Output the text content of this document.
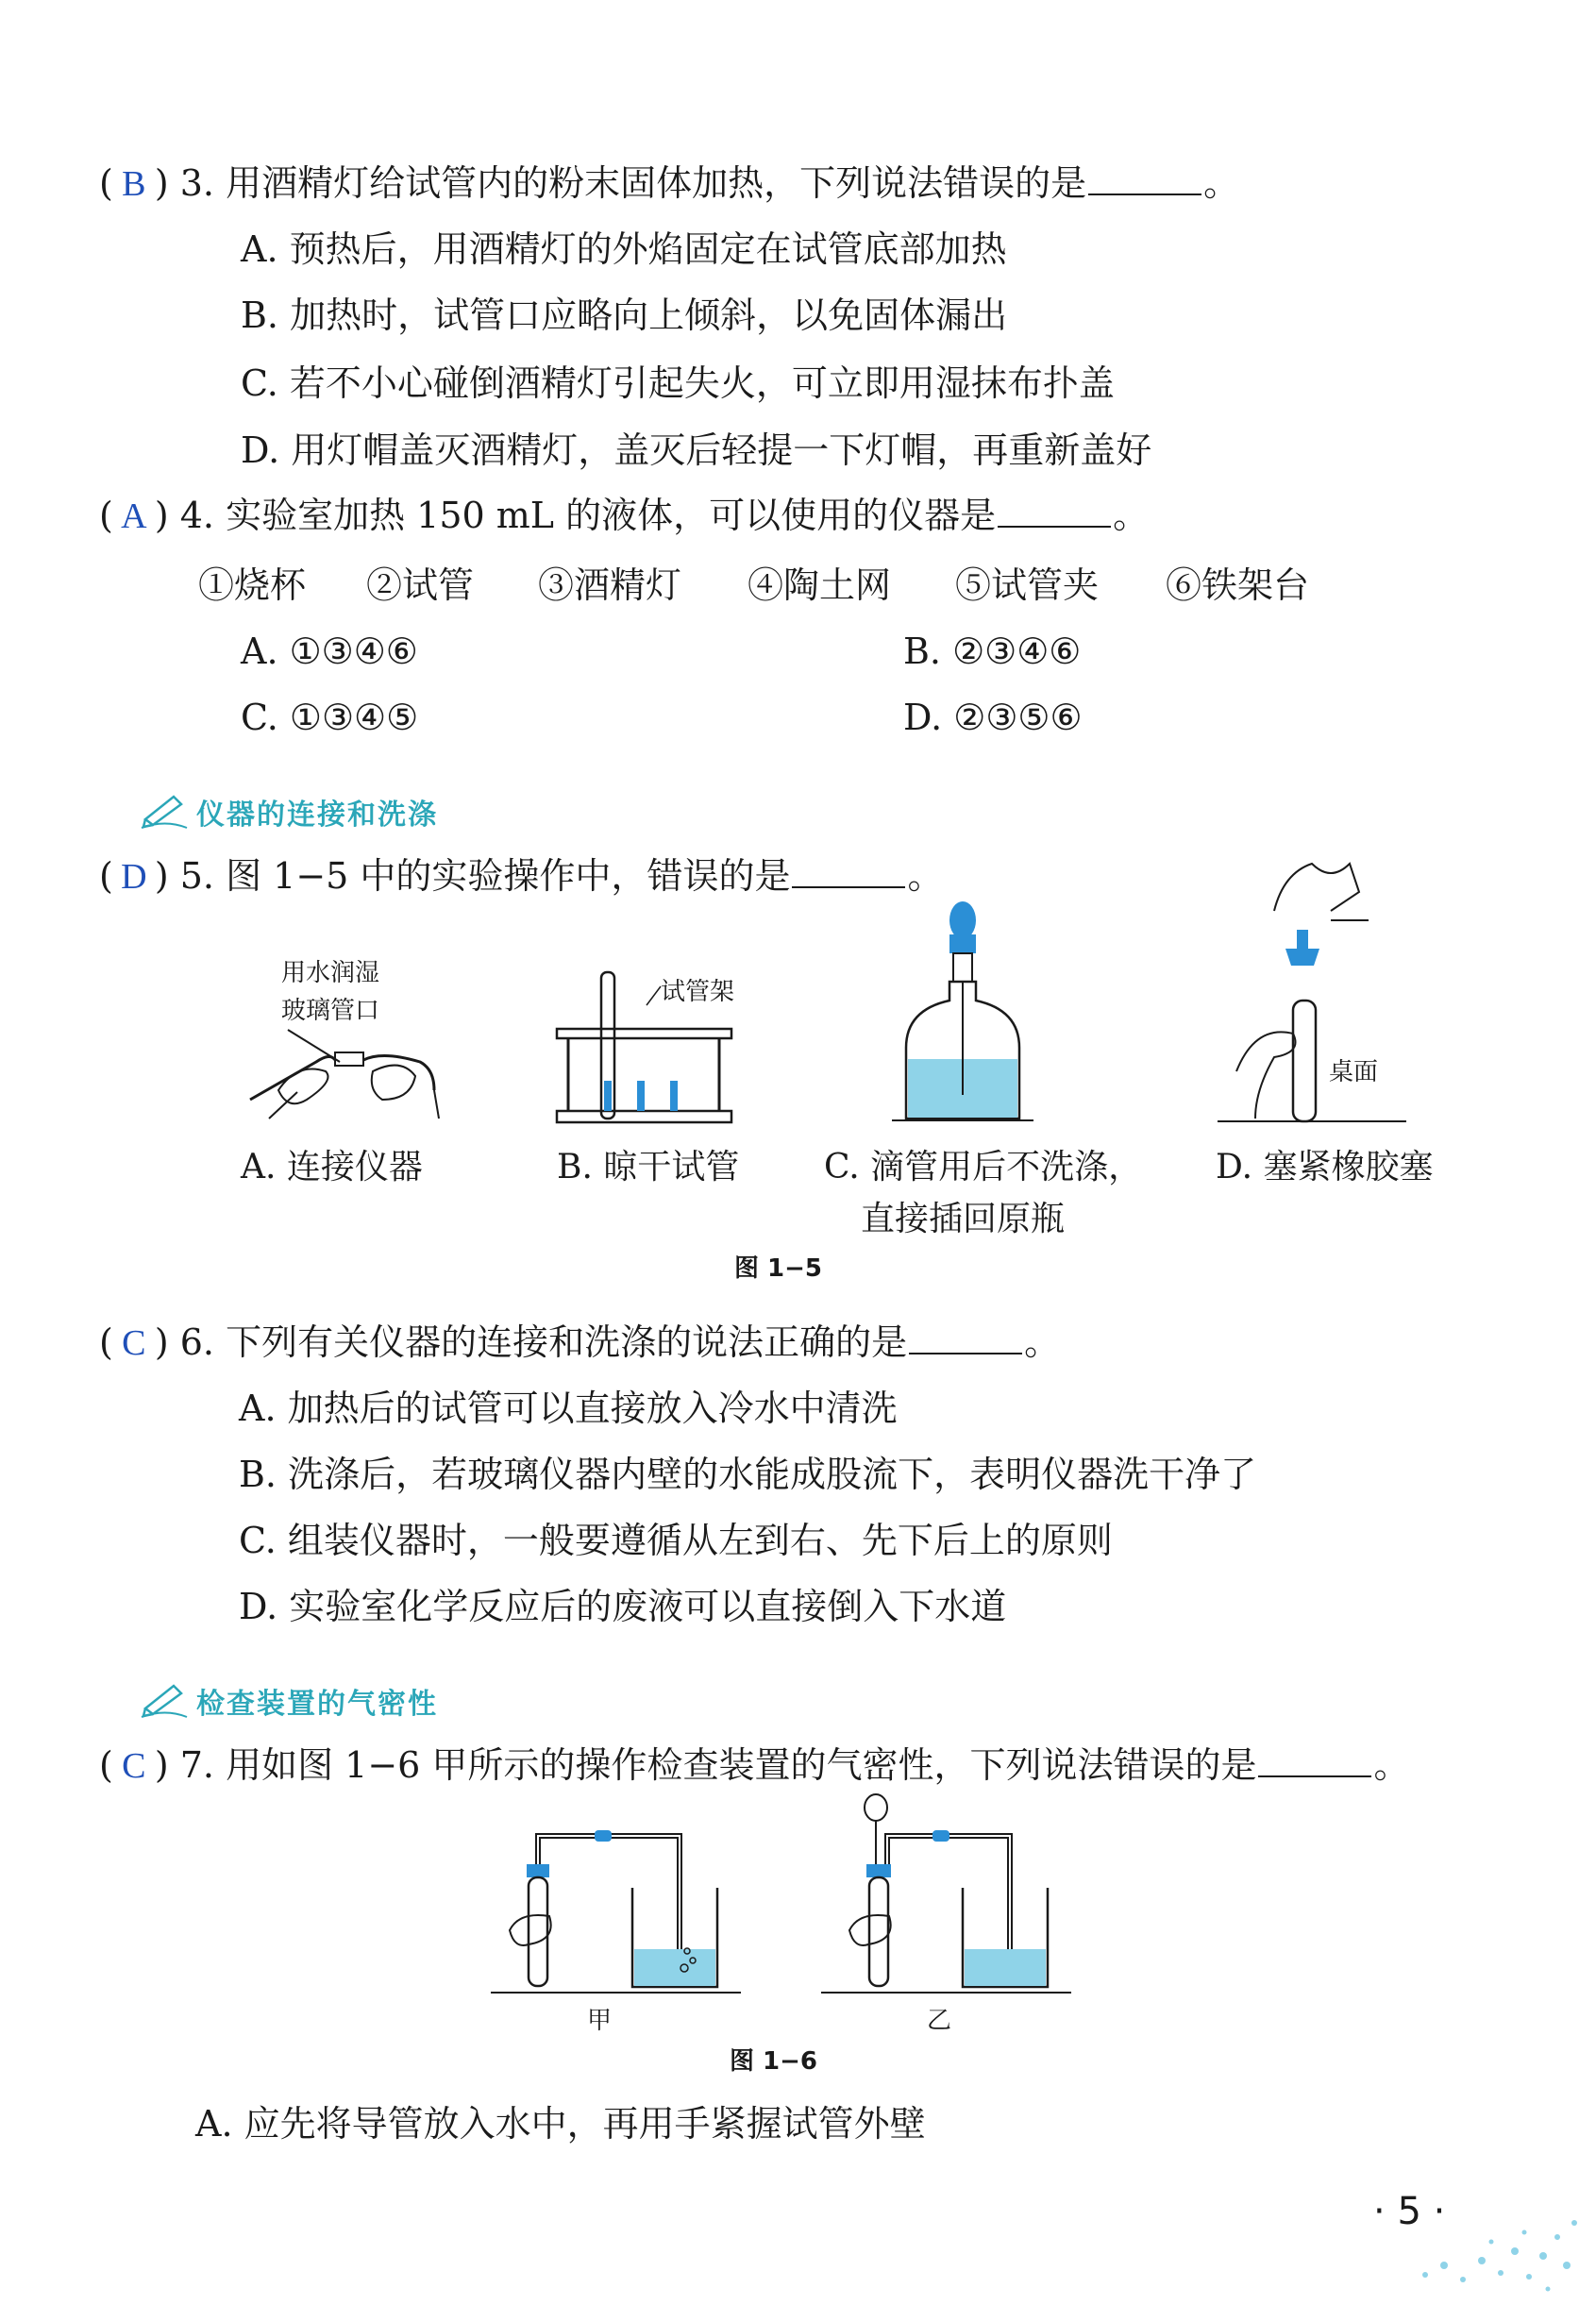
( B ) 3. 用酒精灯给试管内的粉末固体加热，下列说法错误的是	。
A. 预热后，用酒精灯的外焰固定在试管底部加热
B. 加热时，试管口应略向上倾斜，以免固体漏出
C. 若不小心碰倒酒精灯引起失火，可立即用湿抹布扑盖
D. 用灯帽盖灭酒精灯，盖灭后轻提一下灯帽，再重新盖好
( A ) 4. 实验室加热 150 mL 的液体，可以使用的仪器是	。
①烧杯 ②试管 ③酒精灯 ④陶土网 ⑤试管夹 ⑥铁架台
A. ①③④⑥	B. ②③④⑥
C. ①③④⑤	D. ②③⑤⑥
仪器的连接和洗涤
( D ) 5. 图 1−5 中的实验操作中，错误的是	。
用水润湿
玻璃管口
试管架
桌面
A. 连接仪器	B. 晾干试管 C. 滴管用后不洗涤，
直接插回原瓶
D. 塞紧橡胶塞
图 1−5
( C ) 6. 下列有关仪器的连接和洗涤的说法正确的是	。
A. 加热后的试管可以直接放入冷水中清洗
B. 洗涤后，若玻璃仪器内壁的水能成股流下，表明仪器洗干净了
C. 组装仪器时，一般要遵循从左到右、先下后上的原则
D. 实验室化学反应后的废液可以直接倒入下水道
检查装置的气密性
( C ) 7. 用如图 1−6 甲所示的操作检查装置的气密性，下列说法错误的是	。
甲	乙
图 1−6
A. 应先将导管放入水中，再用手紧握试管外壁
· 5 ·
